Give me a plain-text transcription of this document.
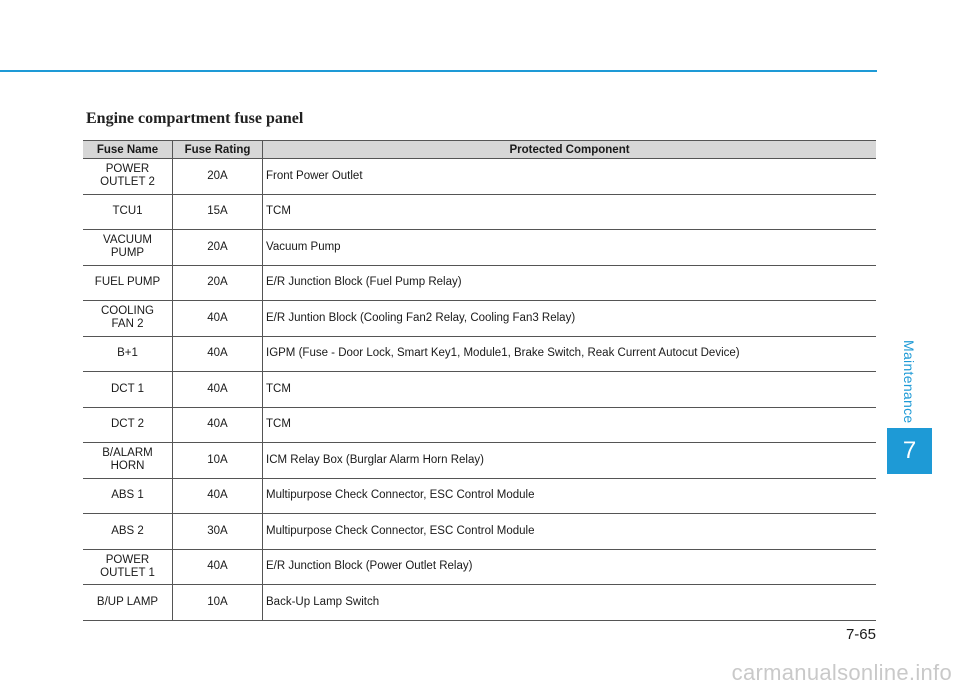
Engine compartment fuse panel
Fuse Name	Fuse Rating	Protected Component
POWER
OUTLET 2	20A	Front Power Outlet
TCU1	15A	TCM
VACUUM
PUMP	20A	Vacuum Pump
FUEL PUMP	20A	E/R Junction Block (Fuel Pump Relay)
COOLING
FAN 2	40A	E/R Juntion Block (Cooling Fan2 Relay, Cooling Fan3 Relay)
B+1	40A	IGPM (Fuse - Door Lock, Smart Key1, Module1, Brake Switch, Reak Current Autocut Device)
DCT 1	40A	TCM
DCT 2	40A	TCM
B/ALARM
HORN	10A	ICM Relay Box (Burglar Alarm Horn Relay)
ABS 1	40A	Multipurpose Check Connector, ESC Control Module
ABS 2	30A	Multipurpose Check Connector, ESC Control Module
POWER
OUTLET 1	40A	E/R Junction Block (Power Outlet Relay)
B/UP LAMP	10A	Back-Up Lamp Switch
Maintenance
7
7-65
carmanualsonline.info
